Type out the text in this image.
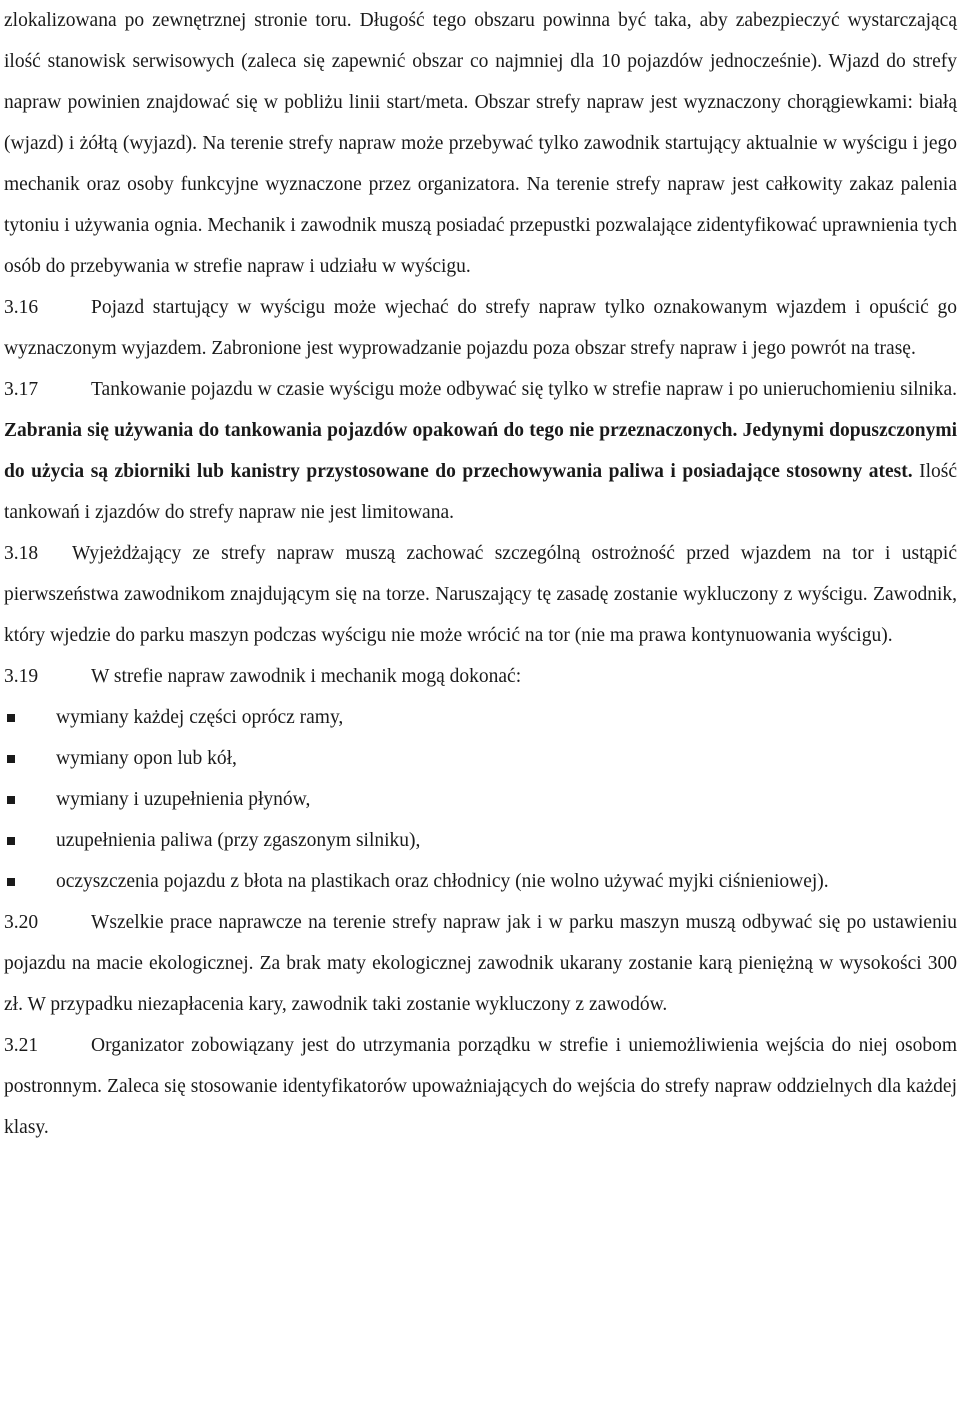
zlokalizowana po zewnętrznej stronie toru. Długość tego obszaru powinna być taka, aby zabezpieczyć wystarczającą ilość stanowisk serwisowych (zaleca się zapewnić obszar co najmniej dla 10 pojazdów jednocześnie). Wjazd do strefy napraw powinien znajdować się w pobliżu linii start/meta. Obszar strefy napraw jest wyznaczony chorągiewkami: białą (wjazd) i żółtą (wyjazd). Na terenie strefy napraw może przebywać tylko zawodnik startujący aktualnie w wyścigu i jego mechanik oraz osoby funkcyjne wyznaczone przez organizatora. Na terenie strefy napraw jest całkowity zakaz palenia tytoniu i używania ognia. Mechanik i zawodnik muszą posiadać przepustki pozwalające zidentyfikować uprawnienia tych osób do przebywania w strefie napraw i udziału w wyścigu.

3.16	Pojazd startujący w wyścigu może wjechać do strefy napraw tylko oznakowanym wjazdem i opuścić go wyznaczonym wyjazdem. Zabronione jest wyprowadzanie pojazdu poza obszar strefy napraw i jego powrót na trasę.

3.17	Tankowanie pojazdu w czasie wyścigu może odbywać się tylko w strefie napraw i po unieruchomieniu silnika. Zabrania się używania do tankowania pojazdów opakowań do tego nie przeznaczonych. Jedynymi dopuszczonymi do użycia są zbiorniki lub kanistry przystosowane do przechowywania paliwa i posiadające stosowny atest. Ilość tankowań i zjazdów do strefy napraw nie jest limitowana.

3.18 Wyjeżdżający ze strefy napraw muszą zachować szczególną ostrożność przed wjazdem na tor i ustąpić pierwszeństwa zawodnikom znajdującym się na torze. Naruszający tę zasadę zostanie wykluczony z wyścigu. Zawodnik, który wjedzie do parku maszyn podczas wyścigu nie może wrócić na tor (nie ma prawa kontynuowania wyścigu).

3.19	W strefie napraw zawodnik i mechanik mogą dokonać:

wymiany każdej części oprócz ramy,
wymiany opon lub kół,
wymiany i uzupełnienia płynów,
uzupełnienia paliwa (przy zgaszonym silniku),
oczyszczenia pojazdu z błota na plastikach oraz chłodnicy (nie wolno używać myjki ciśnieniowej).

3.20	Wszelkie prace naprawcze na terenie strefy napraw jak i w parku maszyn muszą odbywać się po ustawieniu pojazdu na macie ekologicznej. Za brak maty ekologicznej zawodnik ukarany zostanie karą pieniężną w wysokości 300 zł. W przypadku niezapłacenia kary, zawodnik taki zostanie wykluczony z zawodów.

3.21	Organizator zobowiązany jest do utrzymania porządku w strefie i uniemożliwienia wejścia do niej osobom postronnym. Zaleca się stosowanie identyfikatorów upoważniających do wejścia do strefy napraw oddzielnych dla każdej klasy.
